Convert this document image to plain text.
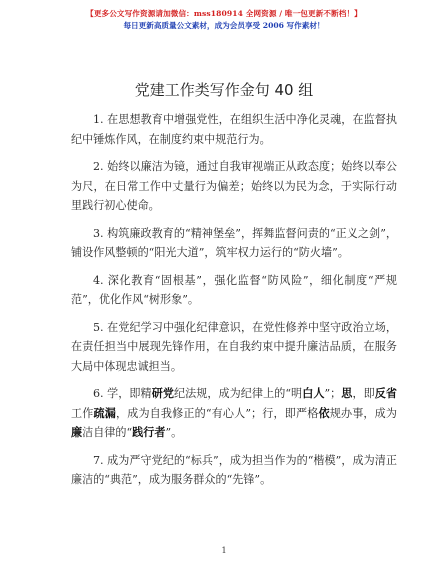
【更多公文写作资源请加微信：mss180914 全网资源 / 唯一包更新不断档！】
每日更新高质量公文素材，成为会员享受 2006 写作素材！
党建工作类写作金句 40 组

1. 在思想教育中增强党性，在组织生活中净化灵魂，在监督执纪中锤炼作风，在制度约束中规范行为。

2. 始终以廉洁为镜，通过自我审视端正从政态度；始终以奉公为尺，在日常工作中丈量行为偏差；始终以为民为念，于实际行动里践行初心使命。

3. 构筑廉政教育的“精神堡垒”，挥舞监督问责的“正义之剑”，铺设作风整顿的“阳光大道”，筑牢权力运行的“防火墙”。

4. 深化教育“固根基”，强化监督“防风险”，细化制度“严规范”，优化作风“树形象”。

5. 在党纪学习中强化纪律意识，在党性修养中坚守政治立场，在责任担当中展现先锋作用，在自我约束中提升廉洁品质，在服务大局中体现忠诚担当。

6. 学，即精研党纪法规，成为纪律上的“明白人”；思，即反省工作疏漏，成为自我修正的“有心人”；行，即严格依规办事，成为廉洁自律的“践行者”。

7. 成为严守党纪的“标兵”，成为担当作为的“楷模”，成为清正廉洁的“典范”，成为服务群众的“先锋”。

1
